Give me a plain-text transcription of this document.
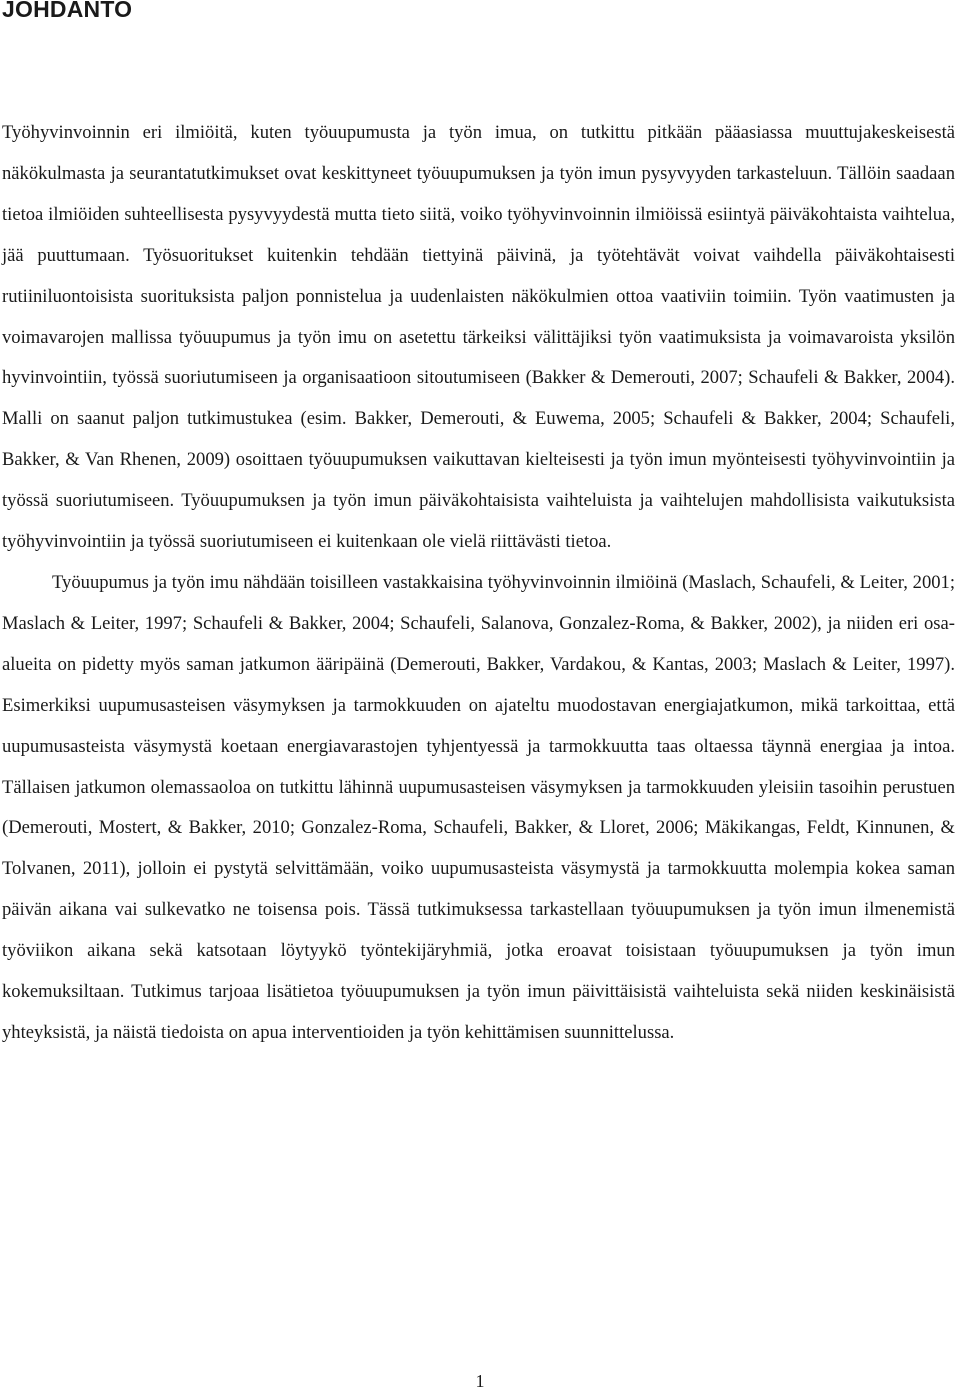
JOHDANTO

Työhyvinvoinnin eri ilmiöitä, kuten työuupumusta ja työn imua, on tutkittu pitkään pääasiassa muuttujakeskeisestä näkökulmasta ja seurantatutkimukset ovat keskittyneet työuupumuksen ja työn imun pysyvyyden tarkasteluun. Tällöin saadaan tietoa ilmiöiden suhteellisesta pysyvyydestä mutta tieto siitä, voiko työhyvinvoinnin ilmiöissä esiintyä päiväkohtaista vaihtelua, jää puuttumaan. Työsuoritukset kuitenkin tehdään tiettyinä päivinä, ja työtehtävät voivat vaihdella päiväkohtaisesti rutiiniluontoisista suorituksista paljon ponnistelua ja uudenlaisten näkökulmien ottoa vaativiin toimiin. Työn vaatimusten ja voimavarojen mallissa työuupumus ja työn imu on asetettu tärkeiksi välittäjiksi työn vaatimuksista ja voimavaroista yksilön hyvinvointiin, työssä suoriutumiseen ja organisaatioon sitoutumiseen (Bakker & Demerouti, 2007; Schaufeli & Bakker, 2004). Malli on saanut paljon tutkimustukea (esim. Bakker, Demerouti, & Euwema, 2005; Schaufeli & Bakker, 2004; Schaufeli, Bakker, & Van Rhenen, 2009) osoittaen työuupumuksen vaikuttavan kielteisesti ja työn imun myönteisesti työhyvinvointiin ja työssä suoriutumiseen. Työuupumuksen ja työn imun päiväkohtaisista vaihteluista ja vaihtelujen mahdollisista vaikutuksista työhyvinvointiin ja työssä suoriutumiseen ei kuitenkaan ole vielä riittävästi tietoa.

Työuupumus ja työn imu nähdään toisilleen vastakkaisina työhyvinvoinnin ilmiöinä (Maslach, Schaufeli, & Leiter, 2001; Maslach & Leiter, 1997; Schaufeli & Bakker, 2004; Schaufeli, Salanova, Gonzalez-Roma, & Bakker, 2002), ja niiden eri osa-alueita on pidetty myös saman jatkumon ääripäinä (Demerouti, Bakker, Vardakou, & Kantas, 2003; Maslach & Leiter, 1997). Esimerkiksi uupumusasteisen väsymyksen ja tarmokkuuden on ajateltu muodostavan energiajatkumon, mikä tarkoittaa, että uupumusasteista väsymystä koetaan energiavarastojen tyhjentyessä ja tarmokkuutta taas oltaessa täynnä energiaa ja intoa. Tällaisen jatkumon olemassaoloa on tutkittu lähinnä uupumusasteisen väsymyksen ja tarmokkuuden yleisiin tasoihin perustuen (Demerouti, Mostert, & Bakker, 2010; Gonzalez-Roma, Schaufeli, Bakker, & Lloret, 2006; Mäkikangas, Feldt, Kinnunen, & Tolvanen, 2011), jolloin ei pystytä selvittämään, voiko uupumusasteista väsymystä ja tarmokkuutta molempia kokea saman päivän aikana vai sulkevatko ne toisensa pois. Tässä tutkimuksessa tarkastellaan työuupumuksen ja työn imun ilmenemistä työviikon aikana sekä katsotaan löytyykö työntekijäryhmiä, jotka eroavat toisistaan työuupumuksen ja työn imun kokemuksiltaan. Tutkimus tarjoaa lisätietoa työuupumuksen ja työn imun päivittäisistä vaihteluista sekä niiden keskinäisistä yhteyksistä, ja näistä tiedoista on apua interventioiden ja työn kehittämisen suunnittelussa.

1
